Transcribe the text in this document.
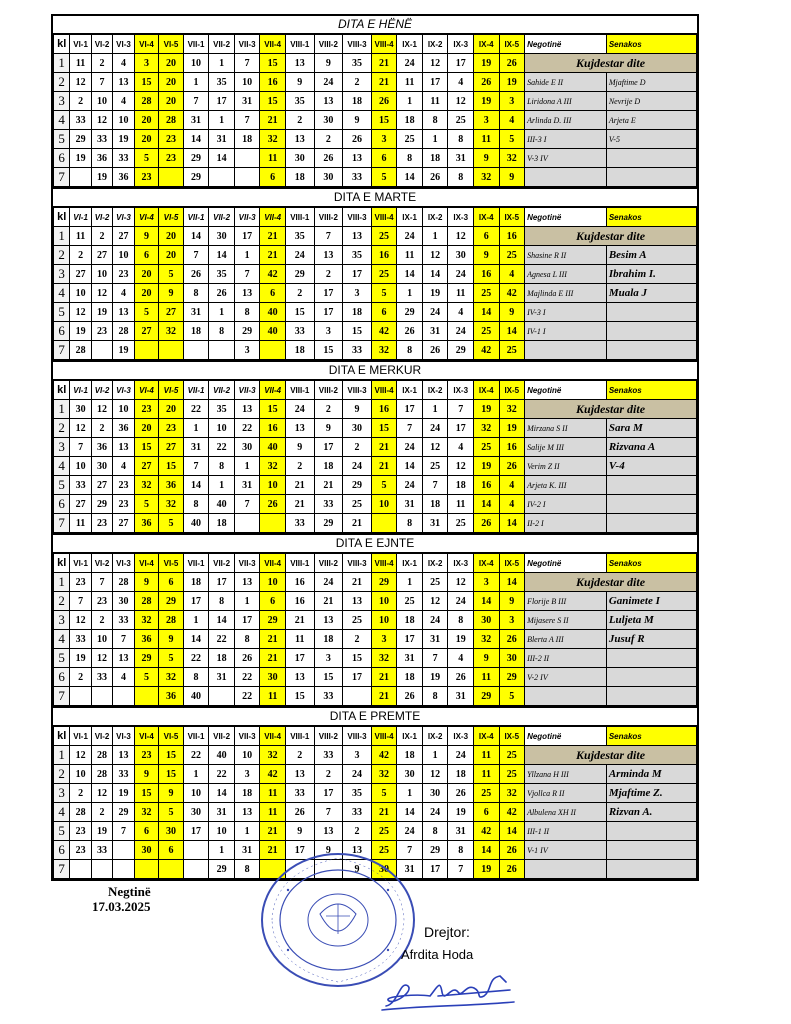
DITA E HËNË
kl	VI-1	VI-2	VI-3	VI-4	VI-5	VII-1	VII-2	VII-3	VII-4	VIII-1	VIII-2	VIII-3	VIII-4	IX-1	IX-2	IX-3	IX-4	IX-5	Negotinë	Senakos
1	11	2	4	3	20	10	1	7	15	13	9	35	21	24	12	17	19	26	Kujdestar dite	
2	12	7	13	15	20	1	35	10	16	9	24	2	21	11	17	4	26	19	Sahide E II	Mjaftime D
3	2	10	4	28	20	7	17	31	15	35	13	18	26	1	11	12	19	3	Liridona A III	Nevrije D
4	33	12	10	20	28	31	1	7	21	2	30	9	15	18	8	25	3	4	Arlinda D. III	Arjeta E
5	29	33	19	20	23	14	31	18	32	13	2	26	3	25	1	8	11	5	III-3 I	V-5
6	19	36	33	5	23	29	14		11	30	26	13	6	8	18	31	9	32	V-3 IV	
7		19	36	23		29			6	18	30	33	5	14	26	8	32	9		
DITA E MARTE
kl	VI-1	VI-2	VI-3	VI-4	VI-5	VII-1	VII-2	VII-3	VII-4	VIII-1	VIII-2	VIII-3	VIII-4	IX-1	IX-2	IX-3	IX-4	IX-5	Negotinë	Senakos
1	11	2	27	9	20	14	30	17	21	35	7	13	25	24	1	12	6	16	Kujdestar dite	
2	2	27	10	6	20	7	14	1	21	24	13	35	16	11	12	30	9	25	Shasine R II	Besim A
3	27	10	23	20	5	26	35	7	42	29	2	17	25	14	14	24	16	4	Agnesa L III	Ibrahim I.
4	10	12	4	20	9	8	26	13	6	2	17	3	5	1	19	11	25	42	Majlinda E III	Muala J
5	12	19	13	5	27	31	1	8	40	15	17	18	6	29	24	4	14	9	IV-3 I	
6	19	23	28	27	32	18	8	29	40	33	3	15	42	26	31	24	25	14	IV-1 I	
7	28		19					3		18	15	33	32	8	26	29	42	25		
DITA E MERKUR
kl	VI-1	VI-2	VI-3	VI-4	VI-5	VII-1	VII-2	VII-3	VII-4	VIII-1	VIII-2	VIII-3	VIII-4	IX-1	IX-2	IX-3	IX-4	IX-5	Negotinë	Senakos
1	30	12	10	23	20	22	35	13	15	24	2	9	16	17	1	7	19	32	Kujdestar dite	
2	12	2	36	20	23	1	10	22	16	13	9	30	15	7	24	17	32	19	Mirzana S II	Sara M
3	7	36	13	15	27	31	22	30	40	9	17	2	21	24	12	4	25	16	Salije M III	Rizvana A
4	10	30	4	27	15	7	8	1	32	2	18	24	21	14	25	12	19	26	Verim Z II	V-4
5	33	27	23	32	36	14	1	31	10	21	21	29	5	24	7	18	16	4	Arjeta K. III	
6	27	29	23	5	32	8	40	7	26	21	33	25	10	31	18	11	14	4	IV-2 I	
7	11	23	27	36	5	40	18			33	29	21		8	31	25	26	14	II-2 I	
DITA E EJNTE
kl	VI-1	VI-2	VI-3	VI-4	VI-5	VII-1	VII-2	VII-3	VII-4	VIII-1	VIII-2	VIII-3	VIII-4	IX-1	IX-2	IX-3	IX-4	IX-5	Negotinë	Senakos
1	23	7	28	9	6	18	17	13	10	16	24	21	29	1	25	12	3	14	Kujdestar dite	
2	7	23	30	28	29	17	8	1	6	16	21	13	10	25	12	24	14	9	Florije B III	Ganimete I
3	12	2	33	32	28	1	14	17	29	21	13	25	10	18	24	8	30	3	Mijasere S II	Luljeta M
4	33	10	7	36	9	14	22	8	21	11	18	2	3	17	31	19	32	26	Blerta A III	Jusuf R
5	19	12	13	29	5	22	18	26	21	17	3	15	32	31	7	4	9	30	III-2 II	
6	2	33	4	5	32	8	31	22	30	13	15	17	21	18	19	26	11	29	V-2 IV	
7					36	40		22	11	15	33		21	26	8	31	29	5		
DITA E PREMTE
kl	VI-1	VI-2	VI-3	VI-4	VI-5	VII-1	VII-2	VII-3	VII-4	VIII-1	VIII-2	VIII-3	VIII-4	IX-1	IX-2	IX-3	IX-4	IX-5	Negotinë	Senakos
1	12	28	13	23	15	22	40	10	32	2	33	3	42	18	1	24	11	25	Kujdestar dite	
2	10	28	33	9	15	1	22	3	42	13	2	24	32	30	12	18	11	25	Yllzana H III	Arminda M
3	2	12	19	15	9	10	14	18	11	33	17	35	5	1	30	26	25	32	Vjollca R II	Mjaftime Z.
4	28	2	29	32	5	30	31	13	11	26	7	33	21	14	24	19	6	42	Albulena XH II	Rizvan A.
5	23	19	7	6	30	17	10	1	21	9	13	2	25	24	8	31	42	14	III-1 II	
6	23	33		30	6		1	31	21	17	9	13	25	7	29	8	14	26	V-1 IV	
7							29	8				9	30	31	17	7	19	26		
Negtinë
17.03.2025
Drejtor:
Afrdita Hoda
